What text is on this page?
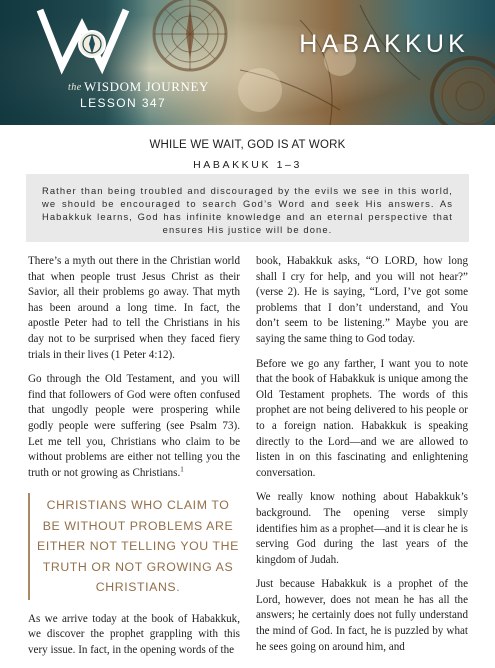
the WISDOM JOURNEY
LESSON 347
HABAKKUK
WHILE WE WAIT, GOD IS AT WORK
HABAKKUK 1–3
Rather than being troubled and discouraged by the evils we see in this world, we should be encouraged to search God’s Word and seek His answers. As Habakkuk learns, God has infinite knowledge and an eternal perspective that ensures His justice will be done.

There’s a myth out there in the Christian world that when people trust Jesus Christ as their Savior, all their problems go away. That myth has been around a long time. In fact, the apostle Peter had to tell the Christians in his day not to be surprised when they faced fiery trials in their lives (1 Peter 4:12).

Go through the Old Testament, and you will find that followers of God were often confused that ungodly people were prospering while godly people were suffering (see Psalm 73). Let me tell you, Christians who claim to be without problems are either not telling you the truth or not growing as Christians.$^1$

CHRISTIANS WHO CLAIM TO BE WITHOUT PROBLEMS ARE EITHER NOT TELLING YOU THE TRUTH OR NOT GROWING AS CHRISTIANS.

As we arrive today at the book of Habakkuk, we discover the prophet grappling with this very issue. In fact, in the opening words of the

book, Habakkuk asks, “O LORD, how long shall I cry for help, and you will not hear?” (verse 2). He is saying, “Lord, I’ve got some problems that I don’t understand, and You don’t seem to be listening.” Maybe you are saying the same thing to God today.

Before we go any farther, I want you to note that the book of Habakkuk is unique among the Old Testament prophets. The words of this prophet are not being delivered to his people or to a foreign nation. Habakkuk is speaking directly to the Lord—and we are allowed to listen in on this fascinating and enlightening conversation.

We really know nothing about Habakkuk’s background. The opening verse simply identifies him as a prophet—and it is clear he is serving God during the last years of the kingdom of Judah.

Just because Habakkuk is a prophet of the Lord, however, does not mean he has all the answers; he certainly does not fully understand the mind of God. In fact, he is puzzled by what he sees going on around him, and
